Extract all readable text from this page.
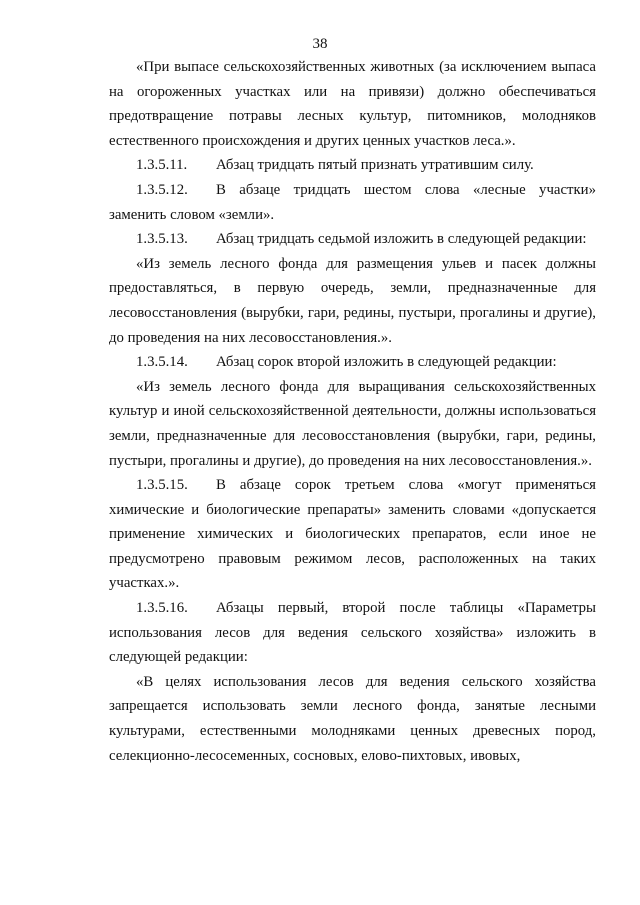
38

«При выпасе сельскохозяйственных животных (за исключением выпаса на огороженных участках или на привязи) должно обеспечиваться предотвращение потравы лесных культур, питомников, молодняков естественного происхождения и других ценных участков леса.».

1.3.5.11. Абзац тридцать пятый признать утратившим силу.

1.3.5.12. В абзаце тридцать шестом слова «лесные участки» заменить словом «земли».

1.3.5.13. Абзац тридцать седьмой изложить в следующей редакции:

«Из земель лесного фонда для размещения ульев и пасек должны предоставляться, в первую очередь, земли, предназначенные для лесовосстановления (вырубки, гари, редины, пустыри, прогалины и другие), до проведения на них лесовосстановления.».

1.3.5.14. Абзац сорок второй изложить в следующей редакции:

«Из земель лесного фонда для выращивания сельскохозяйственных культур и иной сельскохозяйственной деятельности, должны использоваться земли, предназначенные для лесовосстановления (вырубки, гари, редины, пустыри, прогалины и другие), до проведения на них лесовосстановления.».

1.3.5.15. В абзаце сорок третьем слова «могут применяться химические и биологические препараты» заменить словами «допускается применение химических и биологических препаратов, если иное не предусмотрено правовым режимом лесов, расположенных на таких участках.».

1.3.5.16. Абзацы первый, второй после таблицы «Параметры использования лесов для ведения сельского хозяйства» изложить в следующей редакции:

«В целях использования лесов для ведения сельского хозяйства запрещается использовать земли лесного фонда, занятые лесными культурами, естественными молодняками ценных древесных пород, селекционно-лесосеменных, сосновых, елово-пихтовых, ивовых,
